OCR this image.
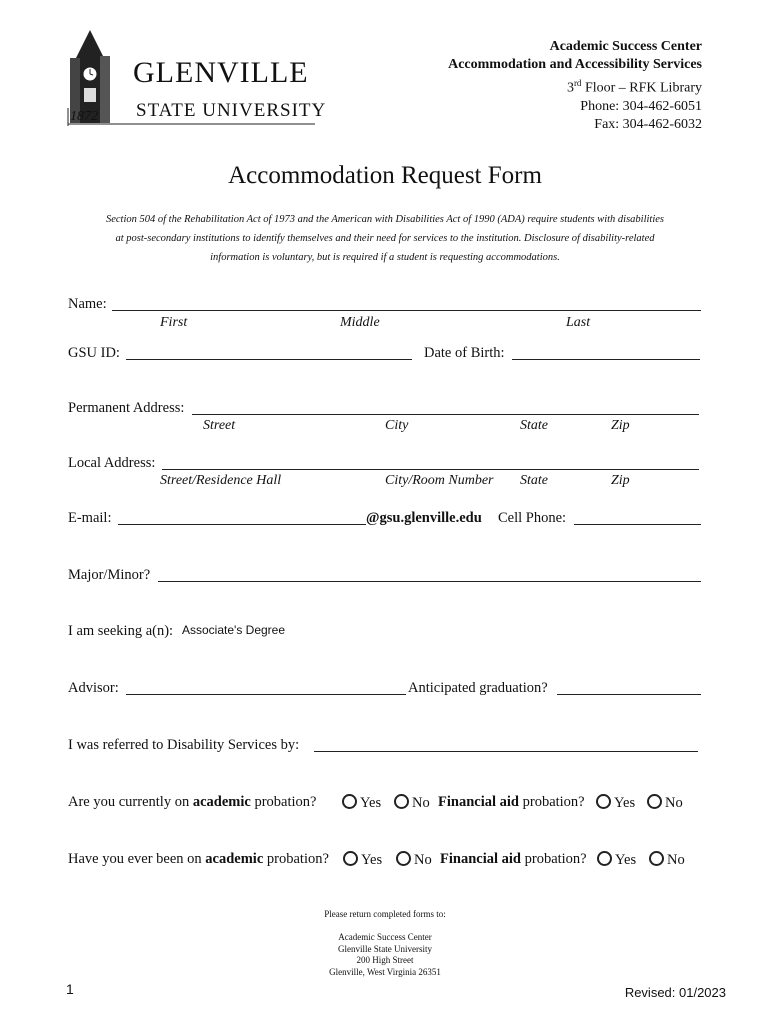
GLENVILLE
STATE UNIVERSITY
1872
Academic Success Center
Accommodation and Accessibility Services
3rd Floor – RFK Library
Phone: 304-462-6051
Fax: 304-462-6032
Accommodation Request Form
Section 504 of the Rehabilitation Act of 1973 and the American with Disabilities Act of 1990 (ADA) require students with disabilities
at post-secondary institutions to identify themselves and their need for services to the institution. Disclosure of disability-related
information is voluntary, but is required if a student is requesting accommodations.
Name:
First	Middle	Last
GSU ID:	Date of Birth:
Permanent Address:
Street	City	State	Zip
Local Address:
Street/Residence Hall	City/Room Number State	Zip
E-mail:	@gsu.glenville.edu Cell Phone:
Major/Minor?
I am seeking a(n): Associate's Degree
Advisor:	Anticipated graduation?
I was referred to Disability Services by:
Are you currently on academic probation?	Yes	No Financial aid probation?	Yes	No
Have you ever been on academic probation?	Yes	No Financial aid probation?	Yes	No
Please return completed forms to:
Academic Success Center
Glenville State University
200 High Street
Glenville, West Virginia 26351
1	Revised: 01/2023
